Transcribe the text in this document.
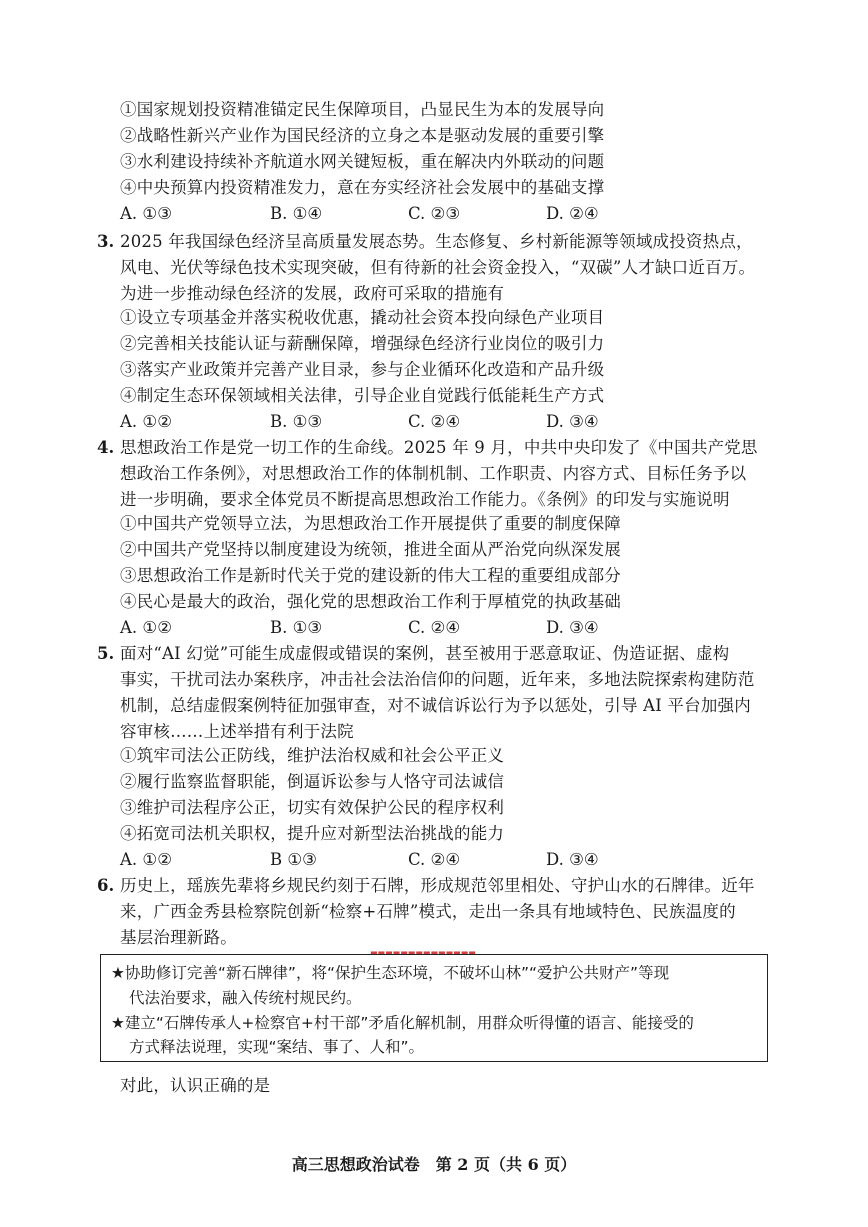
①国家规划投资精准锚定民生保障项目，凸显民生为本的发展导向
②战略性新兴产业作为国民经济的立身之本是驱动发展的重要引擎
③水利建设持续补齐航道水网关键短板，重在解决内外联动的问题
④中央预算内投资精准发力，意在夯实经济社会发展中的基础支撑
A. ①③	B. ①④	C. ②③	D. ②④
3. 2025 年我国绿色经济呈高质量发展态势。生态修复、乡村新能源等领域成投资热点，
风电、光伏等绿色技术实现突破，但有待新的社会资金投入，“双碳”人才缺口近百万。
为进一步推动绿色经济的发展，政府可采取的措施有
①设立专项基金并落实税收优惠，撬动社会资本投向绿色产业项目
②完善相关技能认证与薪酬保障，增强绿色经济行业岗位的吸引力
③落实产业政策并完善产业目录，参与企业循环化改造和产品升级
④制定生态环保领域相关法律，引导企业自觉践行低能耗生产方式
A. ①②	B. ①③	C. ②④	D. ③④
4. 思想政治工作是党一切工作的生命线。2025 年 9 月，中共中央印发了《中国共产党思
想政治工作条例》，对思想政治工作的体制机制、工作职责、内容方式、目标任务予以
进一步明确，要求全体党员不断提高思想政治工作能力。《条例》的印发与实施说明
①中国共产党领导立法，为思想政治工作开展提供了重要的制度保障
②中国共产党坚持以制度建设为统领，推进全面从严治党向纵深发展
③思想政治工作是新时代关于党的建设新的伟大工程的重要组成部分
④民心是最大的政治，强化党的思想政治工作利于厚植党的执政基础
A. ①②	B. ①③	C. ②④	D. ③④
5. 面对“AI 幻觉”可能生成虚假或错误的案例，甚至被用于恶意取证、伪造证据、虚构
事实，干扰司法办案秩序，冲击社会法治信仰的问题，近年来，多地法院探索构建防范
机制，总结虚假案例特征加强审查，对不诚信诉讼行为予以惩处，引导 AI 平台加强内
容审核……上述举措有利于法院
①筑牢司法公正防线，维护法治权威和社会公平正义
②履行监察监督职能，倒逼诉讼参与人恪守司法诚信
③维护司法程序公正，切实有效保护公民的程序权利
④拓宽司法机关职权，提升应对新型法治挑战的能力
A. ①②	B ①③	C. ②④	D. ③④
6. 历史上，瑶族先辈将乡规民约刻于石牌，形成规范邻里相处、守护山水的石牌律。近年
来，广西金秀县检察院创新“检察+石牌”模式，走出一条具有地域特色、民族温度的
基层治理新路。
▬▬▬▬▬▬▬▬▬▬▬▬▬▬
★协助修订完善“新石牌律”，将“保护生态环境，不破坏山林”“爱护公共财产”等现
代法治要求，融入传统村规民约。
★建立“石牌传承人+检察官+村干部”矛盾化解机制，用群众听得懂的语言、能接受的
方式释法说理，实现“案结、事了、人和”。
对此，认识正确的是
高三思想政治试卷　第 2 页（共 6 页）
